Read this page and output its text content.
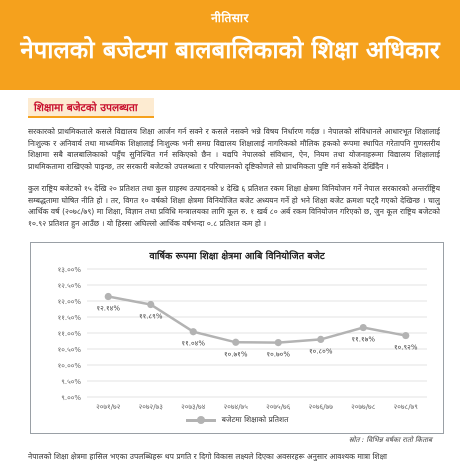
नीतिसार
नेपालको बजेटमा बालबालिकाको शिक्षा अधिकार
शिक्षामा बजेटको उपलब्धता
सरकारको प्राथमिकताले कसले विद्यालय शिक्षा आर्जन गर्न सक्ने र कसले नसक्ने भन्ने विषय निर्धारण गर्दछ । नेपालको संविधानले आधारभूत शिक्षालाई निःशुल्क र अनिवार्य तथा माध्यमिक शिक्षालाई निःशुल्क भनी समग्र विद्यालय शिक्षालाई नागरिकको मौलिक हकको रूपमा स्थापित गरेतापनि गुणस्तरीय शिक्षामा सबै बालबालिकाको पहुँच सुनिश्चित गर्न सकिएको छैन । यद्यपि नेपालको संविधान, ऐन, नियम तथा योजनाहरूमा विद्यालय शिक्षालाई प्राथमिकतामा राखिएको पाइन्छ, तर सरकारी बजेटको उपलब्धता र परिचालनको दृष्टिकोणले सो प्राथमिकता पुष्टि गर्न सकेको देखिँदैन ।
कुल राष्ट्रिय बजेटको १५ देखि २० प्रतिशत तथा कुल ग्राहस्थ उत्पादनको ४ देखि ६ प्रतिशत रकम शिक्षा क्षेत्रमा विनियोजन गर्ने नेपाल सरकारको अन्तर्राष्ट्रिय सम्बद्धतामा घोषित नीति हो । तर, विगत १० वर्षको शिक्षा क्षेत्रमा विनियोजित बजेट अध्ययन गर्ने हो भने शिक्षा बजेट क्रमशः घट्दै गएको देखिन्छ । चालु आर्थिक वर्ष (२०७८/७९) मा शिक्षा, विज्ञान तथा प्रविधि मन्त्रालयका लागि कूल रु. १ खर्ब ८० अर्ब रकम विनियोजन गरिएको छ, जुन कूल राष्ट्रिय बजेटको १०.९२ प्रतिशत हुन आउँछ । यो हिस्सा अघिल्लो आर्थिक वर्षभन्दा ०.८ प्रतिशत कम हो ।
वार्षिक रूपमा शिक्षा क्षेत्रमा आबि विनियोजित बजेट
१३.००%
१२.५०%
१२.००%
११.५०%
११.००%
१०.५०%
१०.००%
९.५०%
९.००%
२०७१/७२	२०७२/७३	२०७३/७४	२०७४/७५	२०७५/७६	२०७६/७७	२०७७/७८	२०७८/७९
१२.१४%
११.८९%
११.०४%
१०.७१%	१०.७०%	१०.८०%
११.१७%
१०.९२%
बजेटमा शिक्षाको प्रतिशत
स्रोत : विभिन्न वर्षका रातो किताब
नेपालको शिक्षा क्षेत्रमा हासिल भएका उपलब्धिहरू थप प्रगति र दिगो विकास लक्ष्यले दिएका अवसरहरू अनुसार आवश्यक मात्रा शिक्षा
